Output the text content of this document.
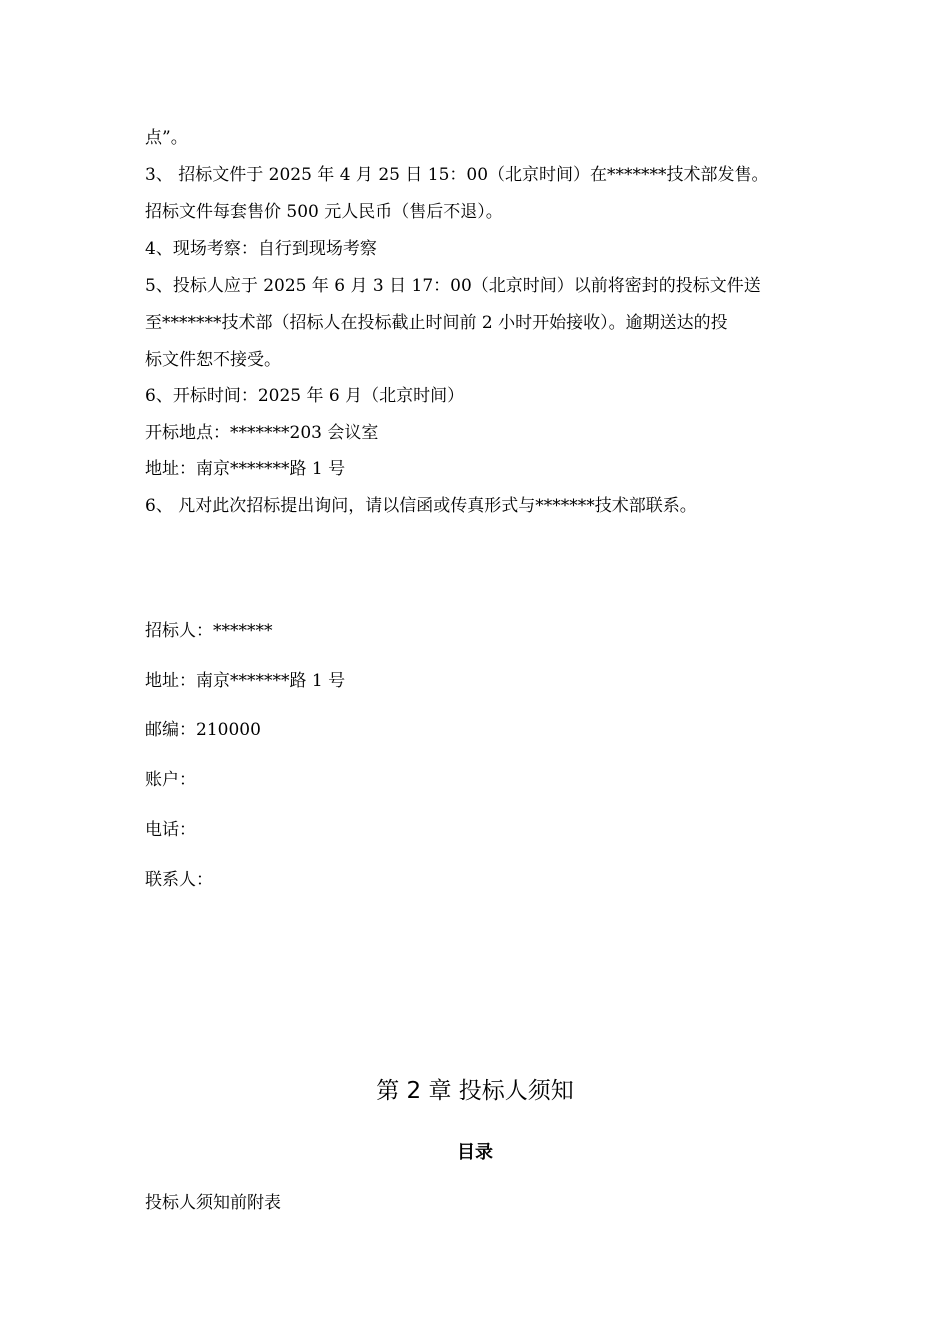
点”。
3、 招标文件于 2025 年 4 月 25 日 15：00（北京时间）在*******技术部发售。
招标文件每套售价 500 元人民币（售后不退）。
4、现场考察：自行到现场考察
5、投标人应于 2025 年 6 月 3 日 17：00（北京时间）以前将密封的投标文件送
至*******技术部（招标人在投标截止时间前 2 小时开始接收）。逾期送达的投
标文件恕不接受。
6、开标时间：2025 年 6 月（北京时间）
开标地点：*******203 会议室
地址：南京*******路 1 号
6、 凡对此次招标提出询问，请以信函或传真形式与*******技术部联系。
招标人：*******
地址：南京*******路 1 号
邮编：210000
账户：
电话：
联系人：
第 2 章 投标人须知
目录
投标人须知前附表
